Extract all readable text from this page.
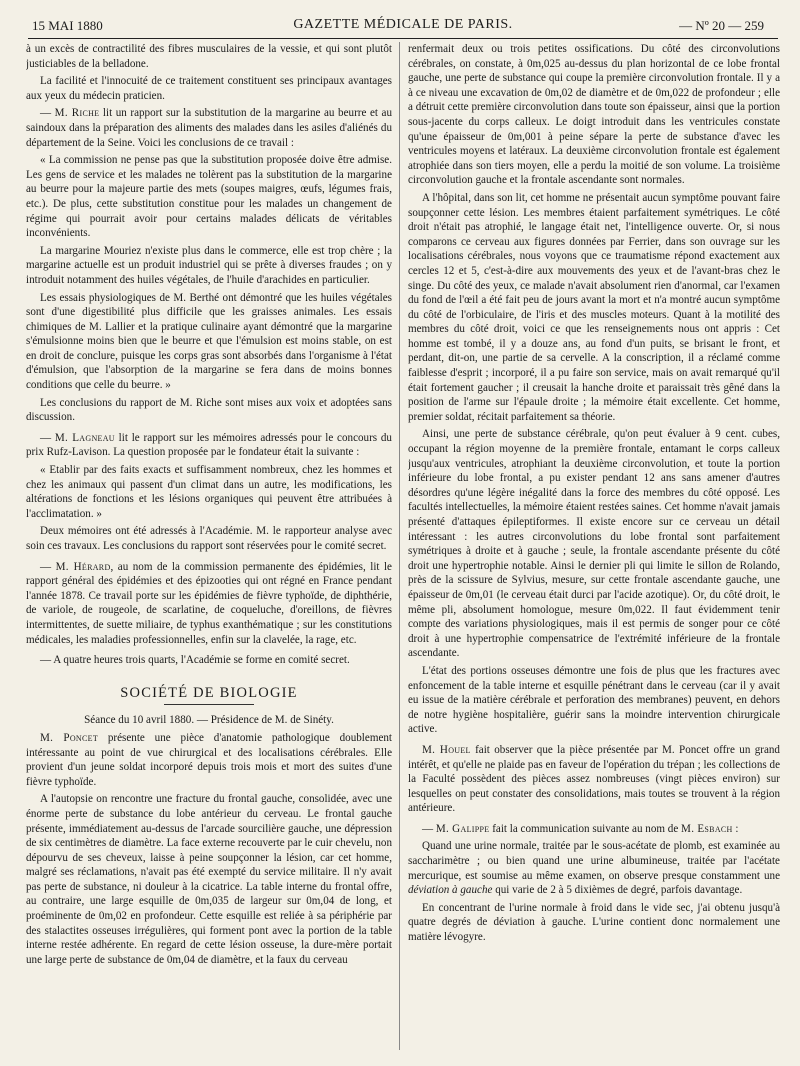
15 MAI 1880	GAZETTE MÉDICALE DE PARIS.	— Nº 20 — 259

à un excès de contractilité des fibres musculaires de la vessie, et qui sont plutôt justiciables de la belladone.

La facilité et l'innocuité de ce traitement constituent ses principaux avantages aux yeux du médecin praticien.

— M. Riche lit un rapport sur la substitution de la margarine au beurre et au saindoux dans la préparation des aliments des malades dans les asiles d'aliénés du département de la Seine. Voici les conclusions de ce travail :

« La commission ne pense pas que la substitution proposée doive être admise. Les gens de service et les malades ne tolèrent pas la substitution de la margarine au beurre pour la majeure partie des mets (soupes maigres, œufs, légumes frais, etc.). De plus, cette substitution constitue pour les malades un changement de régime qui pourrait avoir pour certains malades délicats de véritables inconvénients.

La margarine Mouriez n'existe plus dans le commerce, elle est trop chère ; la margarine actuelle est un produit industriel qui se prête à diverses fraudes ; on y introduit notamment des huiles végétales, de l'huile d'arachides en particulier.

Les essais physiologiques de M. Berthé ont démontré que les huiles végétales sont d'une digestibilité plus difficile que les graisses animales. Les essais chimiques de M. Lallier et la pratique culinaire ayant démontré que la margarine s'émulsionne moins bien que le beurre et que l'émulsion est moins stable, on est en droit de conclure, puisque les corps gras sont absorbés dans l'organisme à l'état d'émulsion, que l'absorption de la margarine se fera dans de moins bonnes conditions que celle du beurre. »

Les conclusions du rapport de M. Riche sont mises aux voix et adoptées sans discussion.

— M. Lagneau lit le rapport sur les mémoires adressés pour le concours du prix Rufz-Lavison. La question proposée par le fondateur était la suivante :

« Etablir par des faits exacts et suffisamment nombreux, chez les hommes et chez les animaux qui passent d'un climat dans un autre, les modifications, les altérations de fonctions et les lésions organiques qui peuvent être attribuées à l'acclimatation. »

Deux mémoires ont été adressés à l'Académie. M. le rapporteur analyse avec soin ces travaux. Les conclusions du rapport sont réservées pour le comité secret.

— M. Hérard, au nom de la commission permanente des épidémies, lit le rapport général des épidémies et des épizooties qui ont régné en France pendant l'année 1878. Ce travail porte sur les épidémies de fièvre typhoïde, de diphthérie, de variole, de rougeole, de scarlatine, de coqueluche, d'oreillons, de fièvres intermittentes, de suette miliaire, de typhus exanthématique ; sur les constitutions médicales, les maladies professionnelles, enfin sur la clavelée, la rage, etc.

— A quatre heures trois quarts, l'Académie se forme en comité secret.

SOCIÉTÉ DE BIOLOGIE

Séance du 10 avril 1880. — Présidence de M. de Sinéty.

M. Poncet présente une pièce d'anatomie pathologique doublement intéressante au point de vue chirurgical et des localisations cérébrales. Elle provient d'un jeune soldat incorporé depuis trois mois et mort des suites d'une fièvre typhoïde.

A l'autopsie on rencontre une fracture du frontal gauche, consolidée, avec une énorme perte de substance du lobe antérieur du cerveau. Le frontal gauche présente, immédiatement au-dessus de l'arcade sourcilière gauche, une dépression de six centimètres de diamètre. La face externe recouverte par le cuir chevelu, non dépourvu de ses cheveux, laisse à peine soupçonner la lésion, car cet homme, malgré ses réclamations, n'avait pas été exempté du service militaire. Il n'y avait pas perte de substance, ni douleur à la cicatrice. La table interne du frontal offre, au contraire, une large esquille de 0m,035 de largeur sur 0m,04 de long, et proéminente de 0m,02 en profondeur. Cette esquille est reliée à sa périphérie par des stalactites osseuses irrégulières, qui forment pont avec la portion de la table interne restée adhérente. En regard de cette lésion osseuse, la dure-mère portait une large perte de substance de 0m,04 de diamètre, et la faux du cerveau

renfermait deux ou trois petites ossifications. Du côté des circonvolutions cérébrales, on constate, à 0m,025 au-dessus du plan horizontal de ce lobe frontal gauche, une perte de substance qui coupe la première circonvolution frontale. Il y a à ce niveau une excavation de 0m,02 de diamètre et de 0m,022 de profondeur ; elle a détruit cette première circonvolution dans toute son épaisseur, ainsi que la portion sous-jacente du corps calleux. Le doigt introduit dans les ventricules constate qu'une épaisseur de 0m,001 à peine sépare la perte de substance d'avec les ventricules moyens et latéraux. La deuxième circonvolution frontale est également atrophiée dans son tiers moyen, elle a perdu la moitié de son volume. La troisième circonvolution gauche et la frontale ascendante sont normales.

A l'hôpital, dans son lit, cet homme ne présentait aucun symptôme pouvant faire soupçonner cette lésion. Les membres étaient parfaitement symétriques. Le côté droit n'était pas atrophié, le langage était net, l'intelligence ouverte. Or, si nous comparons ce cerveau aux figures données par Ferrier, dans son ouvrage sur les localisations cérébrales, nous voyons que ce traumatisme répond exactement aux cercles 12 et 5, c'est-à-dire aux mouvements des yeux et de l'avant-bras chez le singe. Du côté des yeux, ce malade n'avait absolument rien d'anormal, car l'examen du fond de l'œil a été fait peu de jours avant la mort et n'a montré aucun symptôme du côté de l'orbiculaire, de l'iris et des muscles moteurs. Quant à la motilité des membres du côté droit, voici ce que les renseignements nous ont appris : Cet homme est tombé, il y a douze ans, au fond d'un puits, se brisant le front, et perdant, dit-on, une partie de sa cervelle. A la conscription, il a réclamé comme faiblesse d'esprit ; incorporé, il a pu faire son service, mais on avait remarqué qu'il était fortement gaucher ; il creusait la hanche droite et paraissait très gêné dans la position de l'arme sur l'épaule droite ; la mémoire était excellente. Cet homme, premier soldat, récitait parfaitement sa théorie.

Ainsi, une perte de substance cérébrale, qu'on peut évaluer à 9 cent. cubes, occupant la région moyenne de la première frontale, entamant le corps calleux jusqu'aux ventricules, atrophiant la deuxième circonvolution, et toute la portion inférieure du lobe frontal, a pu exister pendant 12 ans sans amener d'autres désordres qu'une légère inégalité dans la force des membres du côté opposé. Les facultés intellectuelles, la mémoire étaient restées saines. Cet homme n'avait jamais présenté d'attaques épileptiformes. Il existe encore sur ce cerveau un détail intéressant : les autres circonvolutions du lobe frontal sont parfaitement symétriques à droite et à gauche ; seule, la frontale ascendante présente du côté droit une hypertrophie notable. Ainsi le dernier pli qui limite le sillon de Rolando, près de la scissure de Sylvius, mesure, sur cette frontale ascendante gauche, une épaisseur de 0m,01 (le cerveau était durci par l'acide azotique). Or, du côté droit, le même pli, absolument homologue, mesure 0m,022. Il faut évidemment tenir compte des variations physiologiques, mais il est permis de songer pour ce côté droit à une hypertrophie compensatrice de l'extrémité inférieure de la frontale ascendante.

L'état des portions osseuses démontre une fois de plus que les fractures avec enfoncement de la table interne et esquille pénétrant dans le cerveau (car il y avait eu issue de la matière cérébrale et perforation des membranes) peuvent, en dehors de notre hygiène hospitalière, guérir sans la moindre intervention chirurgicale active.

M. Houel fait observer que la pièce présentée par M. Poncet offre un grand intérêt, et qu'elle ne plaide pas en faveur de l'opération du trépan ; les collections de la Faculté possèdent des pièces assez nombreuses (vingt pièces environ) sur lesquelles on peut constater des consolidations, mais toutes se trouvent à la région antérieure.

— M. Galippe fait la communication suivante au nom de M. Esbach :

Quand une urine normale, traitée par le sous-acétate de plomb, est examinée au saccharimètre ; ou bien quand une urine albumineuse, traitée par l'acétate mercurique, est soumise au même examen, on observe presque constamment une déviation à gauche qui varie de 2 à 5 dixièmes de degré, parfois davantage.

En concentrant de l'urine normale à froid dans le vide sec, j'ai obtenu jusqu'à quatre degrés de déviation à gauche. L'urine contient donc normalement une matière lévogyre.
